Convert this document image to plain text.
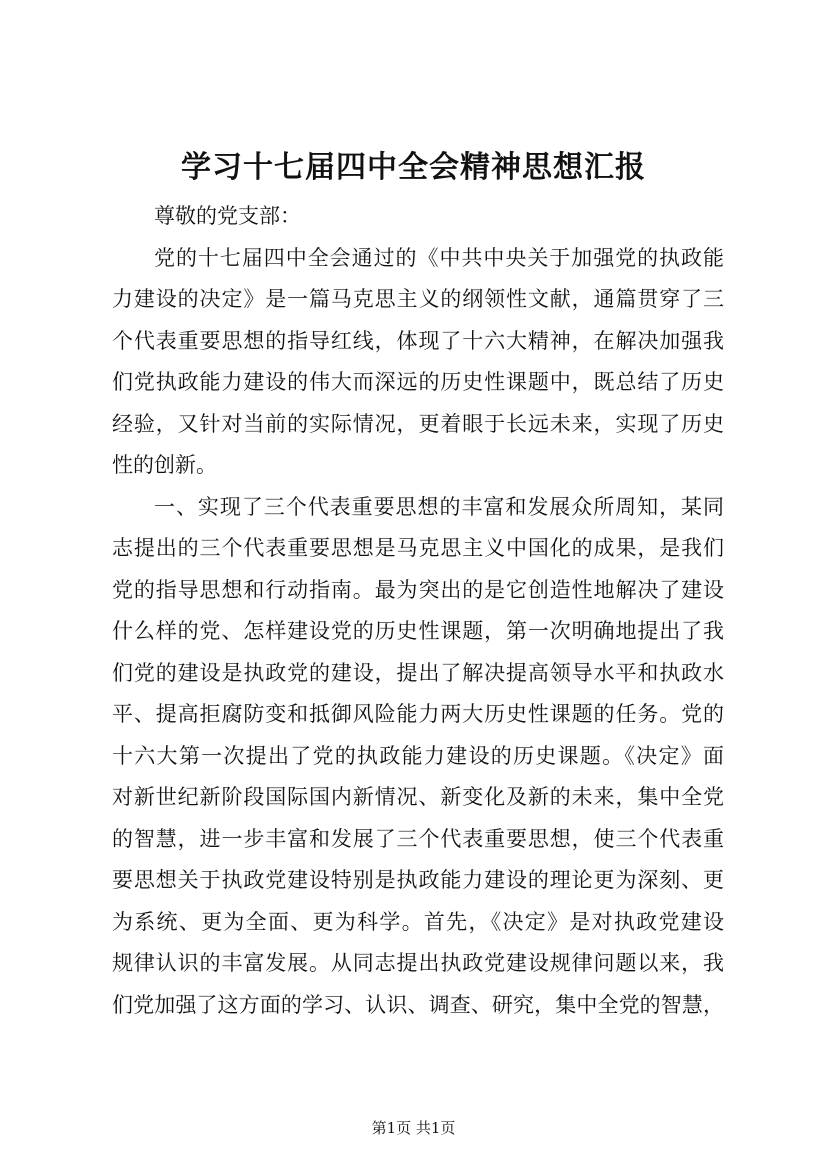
学习十七届四中全会精神思想汇报
尊敬的党支部：
党的十七届四中全会通过的《中共中央关于加强党的执政能
力建设的决定》是一篇马克思主义的纲领性文献，通篇贯穿了三
个代表重要思想的指导红线，体现了十六大精神，在解决加强我
们党执政能力建设的伟大而深远的历史性课题中，既总结了历史
经验，又针对当前的实际情况，更着眼于长远未来，实现了历史
性的创新。
一、实现了三个代表重要思想的丰富和发展众所周知，某同
志提出的三个代表重要思想是马克思主义中国化的成果，是我们
党的指导思想和行动指南。最为突出的是它创造性地解决了建设
什么样的党、怎样建设党的历史性课题，第一次明确地提出了我
们党的建设是执政党的建设，提出了解决提高领导水平和执政水
平、提高拒腐防变和抵御风险能力两大历史性课题的任务。党的
十六大第一次提出了党的执政能力建设的历史课题。《决定》面
对新世纪新阶段国际国内新情况、新变化及新的未来，集中全党
的智慧，进一步丰富和发展了三个代表重要思想，使三个代表重
要思想关于执政党建设特别是执政能力建设的理论更为深刻、更
为系统、更为全面、更为科学。首先，《决定》是对执政党建设
规律认识的丰富发展。从同志提出执政党建设规律问题以来，我
们党加强了这方面的学习、认识、调查、研究，集中全党的智慧，
第1页 共1页
